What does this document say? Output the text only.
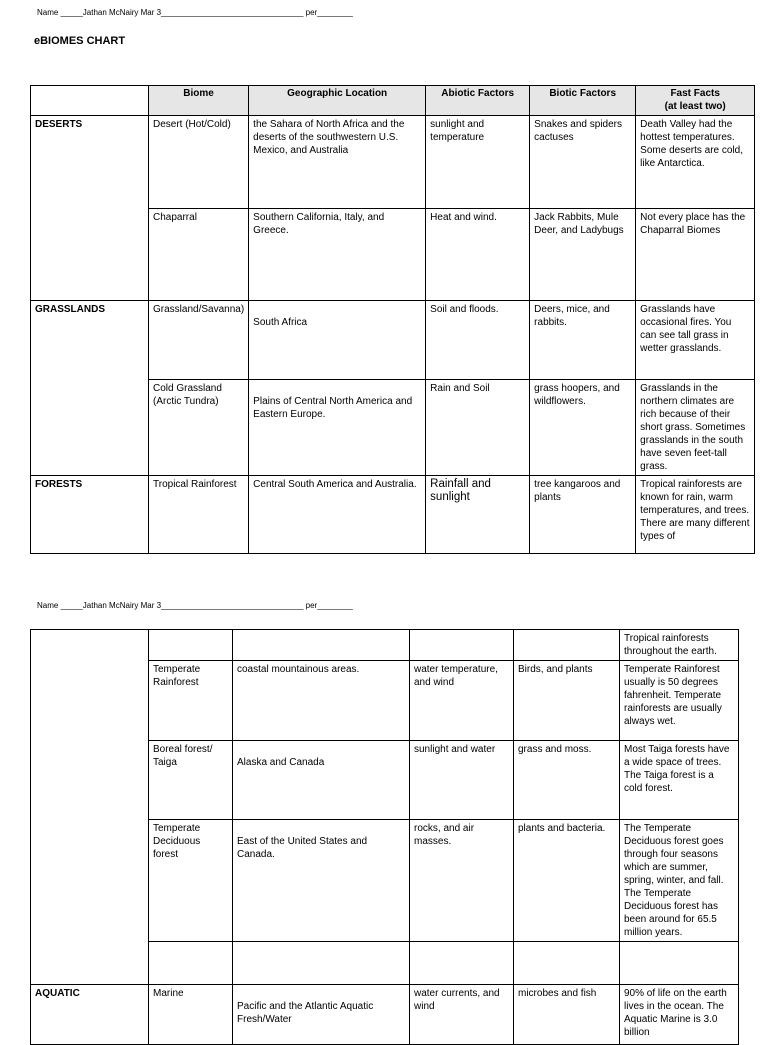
Name _____Jathan McNairy Mar 3________________________________ per________
eBIOMES CHART
	Biome	Geographic Location	Abiotic Factors	Biotic Factors	Fast Facts
(at least two)

DESERTS	Desert (Hot/Cold)	the Sahara of North Africa and the deserts of the southwestern U.S. Mexico, and Australia	sunlight and temperature	Snakes and spiders cactuses	Death Valley had the hottest temperatures. Some deserts are cold, like Antarctica.
	Chaparral	Southern California, Italy, and Greece.	Heat and wind.	Jack Rabbits, Mule Deer, and Ladybugs	Not every place has the Chaparral Biomes
GRASSLANDS	Grassland/Savanna)	South Africa	Soil and floods.	Deers, mice, and rabbits.	Grasslands have occasional fires. You can see tall grass in wetter grasslands.
	Cold Grassland (Arctic Tundra)	Plains of Central North America and Eastern Europe.	Rain and Soil	grass hoopers, and wildflowers.	Grasslands in the northern climates are rich because of their short grass. Sometimes grasslands in the south have seven feet-tall grass.
FORESTS	Tropical Rainforest	Central South America and Australia.	Rainfall and sunlight	tree kangaroos and plants	Tropical rainforests are known for rain, warm temperatures, and trees. There are many different types of
Name _____Jathan McNairy Mar 3________________________________ per________
					Tropical rainforests throughout the earth.
	Temperate Rainforest	coastal mountainous areas.	water temperature, and wind	Birds, and plants	Temperate Rainforest usually is 50 degrees fahrenheit. Temperate rainforests are usually always wet.
	Boreal forest/ Taiga	Alaska and Canada	sunlight and water	grass and moss.	Most Taiga forests have a wide space of trees. The Taiga forest is a cold forest.
	Temperate Deciduous forest	East of the United States and Canada.	rocks, and air masses.	plants and bacteria.	The Temperate Deciduous forest goes through four seasons which are summer, spring, winter, and fall. The Temperate Deciduous forest has been around for 65.5 million years.

AQUATIC	Marine	Pacific and the Atlantic Aquatic Fresh/Water	water currents, and wind	microbes and fish	90% of life on the earth lives in the ocean. The Aquatic Marine is 3.0 billion
